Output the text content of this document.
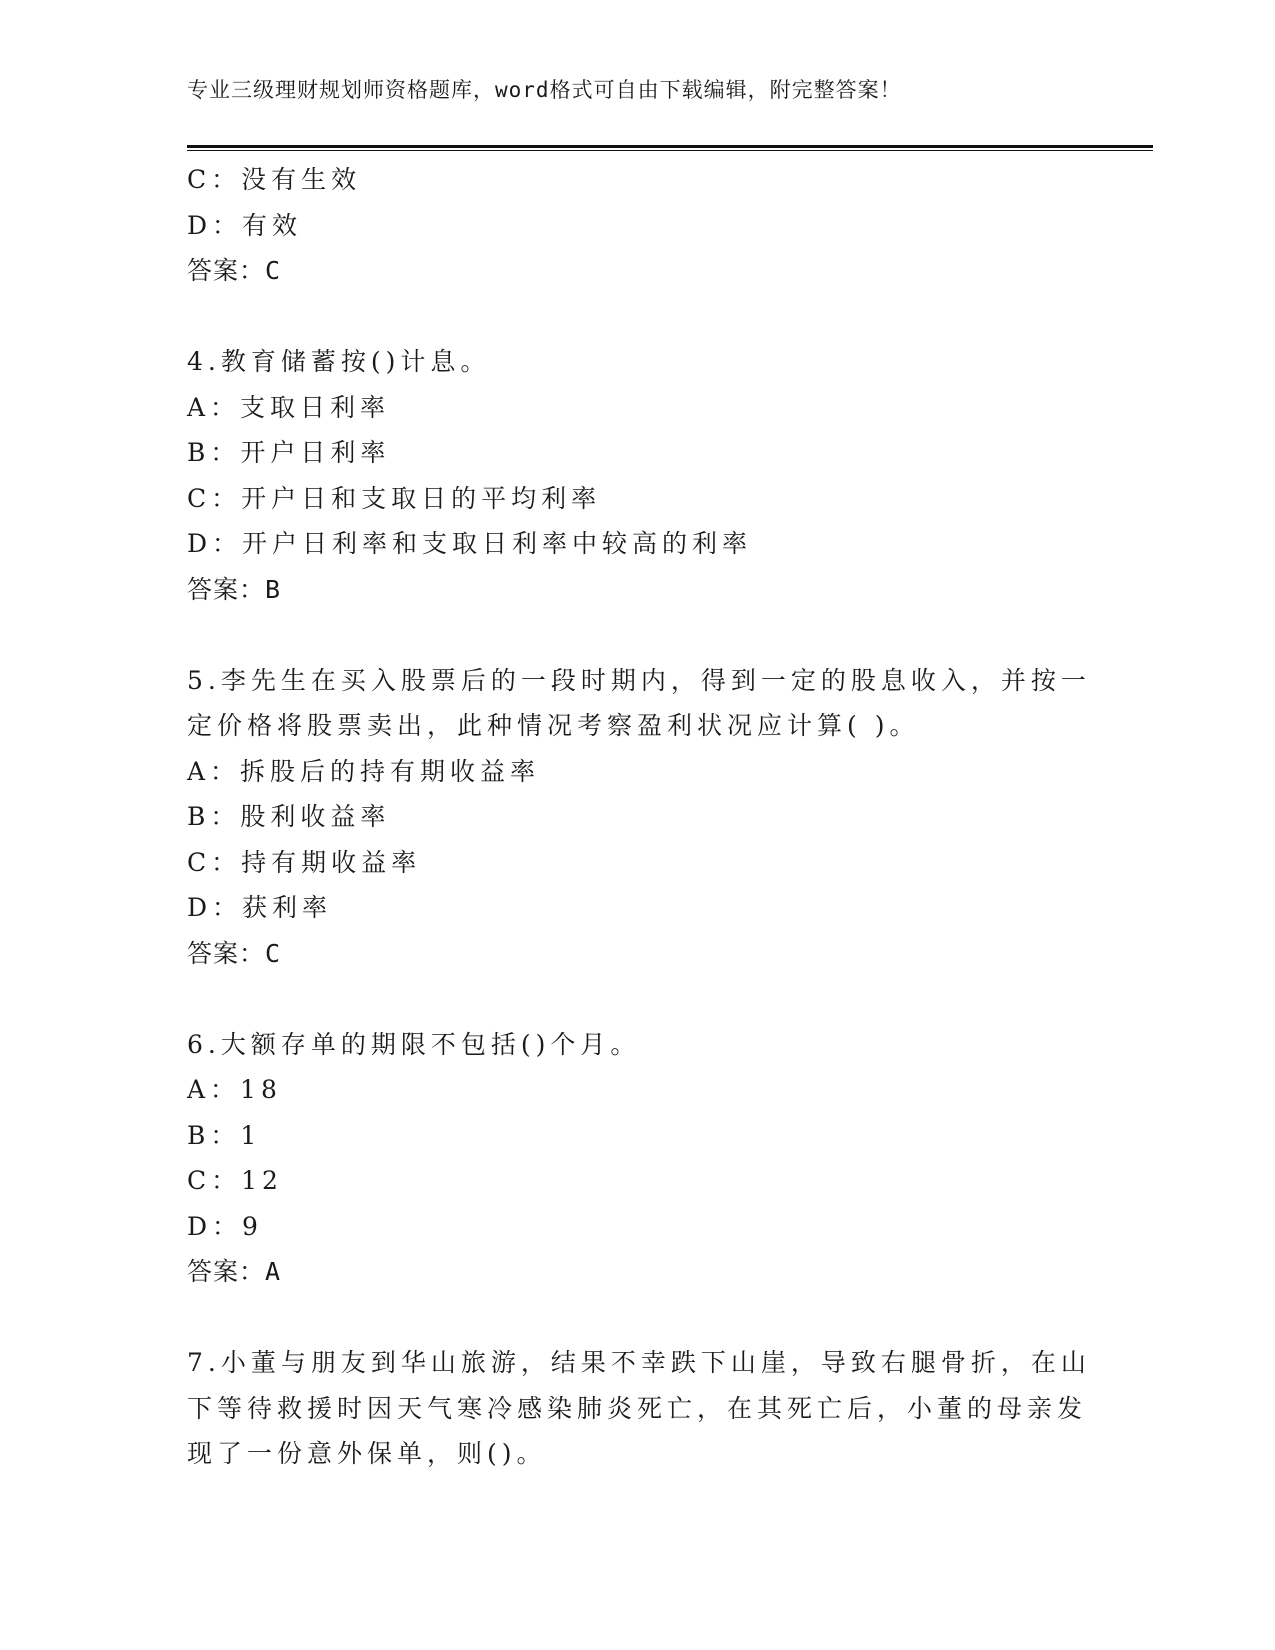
专业三级理财规划师资格题库，word格式可自由下载编辑，附完整答案！
C：没有生效
D：有效
答案：C
4.教育储蓄按()计息。
A：支取日利率
B：开户日利率
C：开户日和支取日的平均利率
D：开户日利率和支取日利率中较高的利率
答案：B
5.李先生在买入股票后的一段时期内，得到一定的股息收入，并按一
定价格将股票卖出，此种情况考察盈利状况应计算( )。
A：拆股后的持有期收益率
B：股利收益率
C：持有期收益率
D：获利率
答案：C
6.大额存单的期限不包括()个月。
A：18
B：1
C：12
D：9
答案：A
7.小董与朋友到华山旅游，结果不幸跌下山崖，导致右腿骨折，在山
下等待救援时因天气寒冷感染肺炎死亡，在其死亡后，小董的母亲发
现了一份意外保单，则()。
